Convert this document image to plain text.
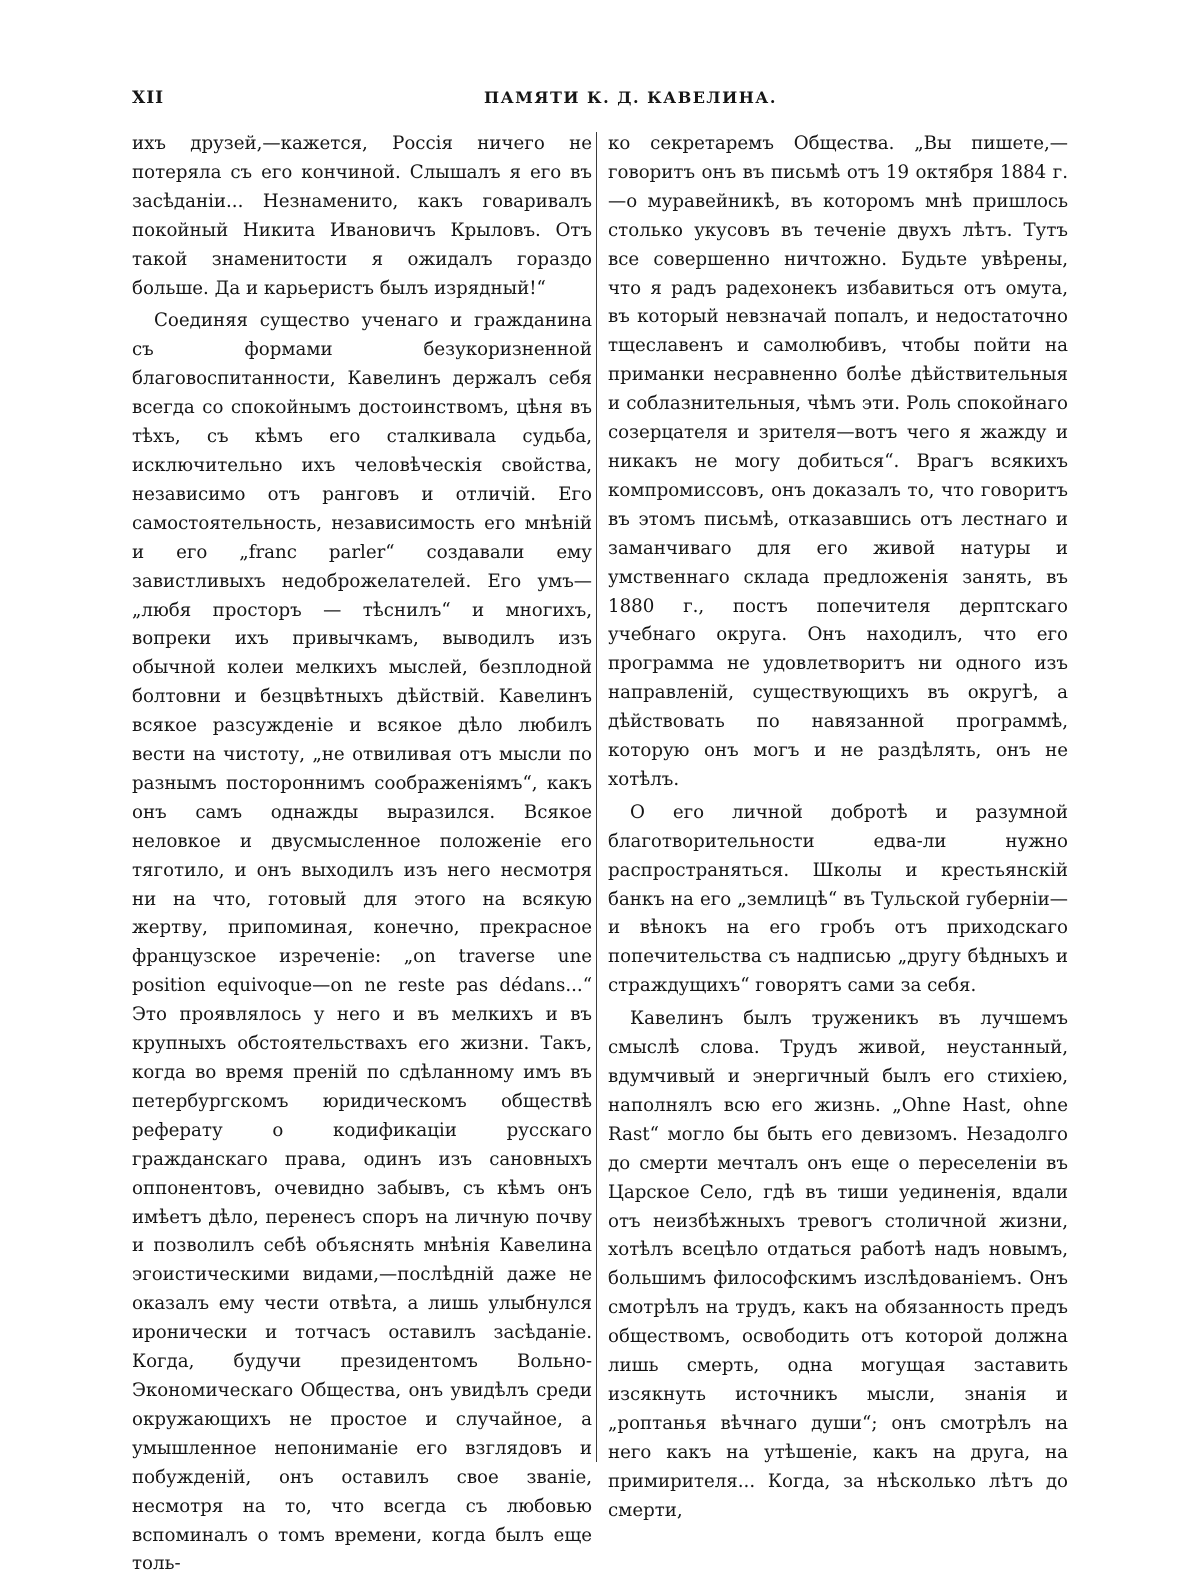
XII	ПАМЯТИ К. Д. КАВЕЛИНА.

ихъ друзей,—кажется, Россія ничего не потеряла съ его кончиной. Слышалъ я его въ засѣданіи... Незнаменито, какъ говаривалъ покойный Никита Ивановичъ Крыловъ. Отъ такой знаменитости я ожидалъ гораздо больше. Да и карьеристъ былъ изрядный!“

Соединяя существо ученаго и гражданина съ формами безукоризненной благовоспитанности, Кавелинъ держалъ себя всегда со спокойнымъ достоинствомъ, цѣня въ тѣхъ, съ кѣмъ его сталкивала судьба, исключительно ихъ человѣческія свойства, независимо отъ ранговъ и отличій. Его самостоятельность, независимость его мнѣній и его „franc parler“ создавали ему завистливыхъ недоброжелателей. Его умъ—„любя просторъ — тѣснилъ“ и многихъ, вопреки ихъ привычкамъ, выводилъ изъ обычной колеи мелкихъ мыслей, безплодной болтовни и безцвѣтныхъ дѣйствій. Кавелинъ всякое разсужденіе и всякое дѣло любилъ вести на чистоту, „не отвиливая отъ мысли по разнымъ постороннимъ соображеніямъ“, какъ онъ самъ однажды выразился. Всякое неловкое и двусмысленное положеніе его тяготило, и онъ выходилъ изъ него несмотря ни на что, готовый для этого на всякую жертву, припоминая, конечно, прекрасное французское изреченіе: „on traverse une position equivoque—on ne reste pas dédans...“ Это проявлялось у него и въ мелкихъ и въ крупныхъ обстоятельствахъ его жизни. Такъ, когда во время преній по сдѣланному имъ въ петербургскомъ юридическомъ обществѣ реферату о кодификаціи русскаго гражданскаго права, одинъ изъ сановныхъ оппонентовъ, очевидно забывъ, съ кѣмъ онъ имѣетъ дѣло, перенесъ споръ на личную почву и позволилъ себѣ объяснять мнѣнія Кавелина эгоистическими видами,—послѣдній даже не оказалъ ему чести отвѣта, а лишь улыбнулся иронически и тотчасъ оставилъ засѣданіе. Когда, будучи президентомъ Вольно-Экономическаго Общества, онъ увидѣлъ среди окружающихъ не простое и случайное, а умышленное непониманіе его взглядовъ и побужденій, онъ оставилъ свое званіе, несмотря на то, что всегда съ любовью вспоминалъ о томъ времени, когда былъ еще толь-

ко секретаремъ Общества. „Вы пишете,—говоритъ онъ въ письмѣ отъ 19 октября 1884 г.—о муравейникѣ, въ которомъ мнѣ пришлось столько укусовъ въ теченіе двухъ лѣтъ. Тутъ все совершенно ничтожно. Будьте увѣрены, что я радъ радехонекъ избавиться отъ омута, въ который невзначай попалъ, и недостаточно тщеславенъ и самолюбивъ, чтобы пойти на приманки несравненно болѣе дѣйствительныя и соблазнительныя, чѣмъ эти. Роль спокойнаго созерцателя и зрителя—вотъ чего я жажду и никакъ не могу добиться“. Врагъ всякихъ компромиссовъ, онъ доказалъ то, что говоритъ въ этомъ письмѣ, отказавшись отъ лестнаго и заманчиваго для его живой натуры и умственнаго склада предложенія занять, въ 1880 г., постъ попечителя дерптскаго учебнаго округа. Онъ находилъ, что его программа не удовлетворитъ ни одного изъ направленій, существующихъ въ округѣ, а дѣйствовать по навязанной программѣ, которую онъ могъ и не раздѣлять, онъ не хотѣлъ.

О его личной добротѣ и разумной благотворительности едва-ли нужно распространяться. Школы и крестьянскій банкъ на его „землицѣ“ въ Тульской губерніи—и вѣнокъ на его гробъ отъ приходскаго попечительства съ надписью „другу бѣдныхъ и страждущихъ“ говорятъ сами за себя.

Кавелинъ былъ труженикъ въ лучшемъ смыслѣ слова. Трудъ живой, неустанный, вдумчивый и энергичный былъ его стихіею, наполнялъ всю его жизнь. „Ohne Hast, ohne Rast“ могло бы быть его девизомъ. Незадолго до смерти мечталъ онъ еще о переселеніи въ Царское Село, гдѣ въ тиши уединенія, вдали отъ неизбѣжныхъ тревогъ столичной жизни, хотѣлъ всецѣло отдаться работѣ надъ новымъ, большимъ философскимъ изслѣдованіемъ. Онъ смотрѣлъ на трудъ, какъ на обязанность предъ обществомъ, освободить отъ которой должна лишь смерть, одна могущая заставить изсякнуть источникъ мысли, знанія и „роптанья вѣчнаго души“; онъ смотрѣлъ на него какъ на утѣшеніе, какъ на друга, на примирителя... Когда, за нѣсколько лѣтъ до смерти,
